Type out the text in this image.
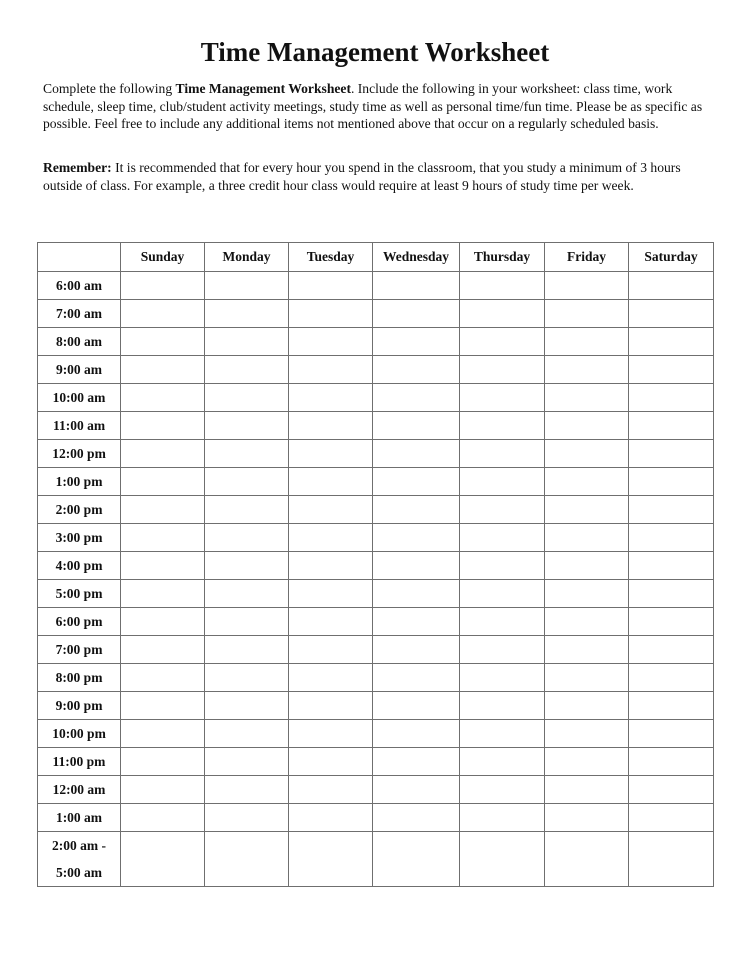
Time Management Worksheet
Complete the following Time Management Worksheet. Include the following in your worksheet: class time, work schedule, sleep time, club/student activity meetings, study time as well as personal time/fun time. Please be as specific as possible. Feel free to include any additional items not mentioned above that occur on a regularly scheduled basis.
Remember: It is recommended that for every hour you spend in the classroom, that you study a minimum of 3 hours outside of class. For example, a three credit hour class would require at least 9 hours of study time per week.
	Sunday	Monday	Tuesday	Wednesday	Thursday	Friday	Saturday
6:00 am							
7:00 am							
8:00 am							
9:00 am							
10:00 am							
11:00 am							
12:00 pm							
1:00 pm							
2:00 pm							
3:00 pm							
4:00 pm							
5:00 pm							
6:00 pm							
7:00 pm							
8:00 pm							
9:00 pm							
10:00 pm							
11:00 pm							
12:00 am							
1:00 am							

2:00 am -
5:00 am							
